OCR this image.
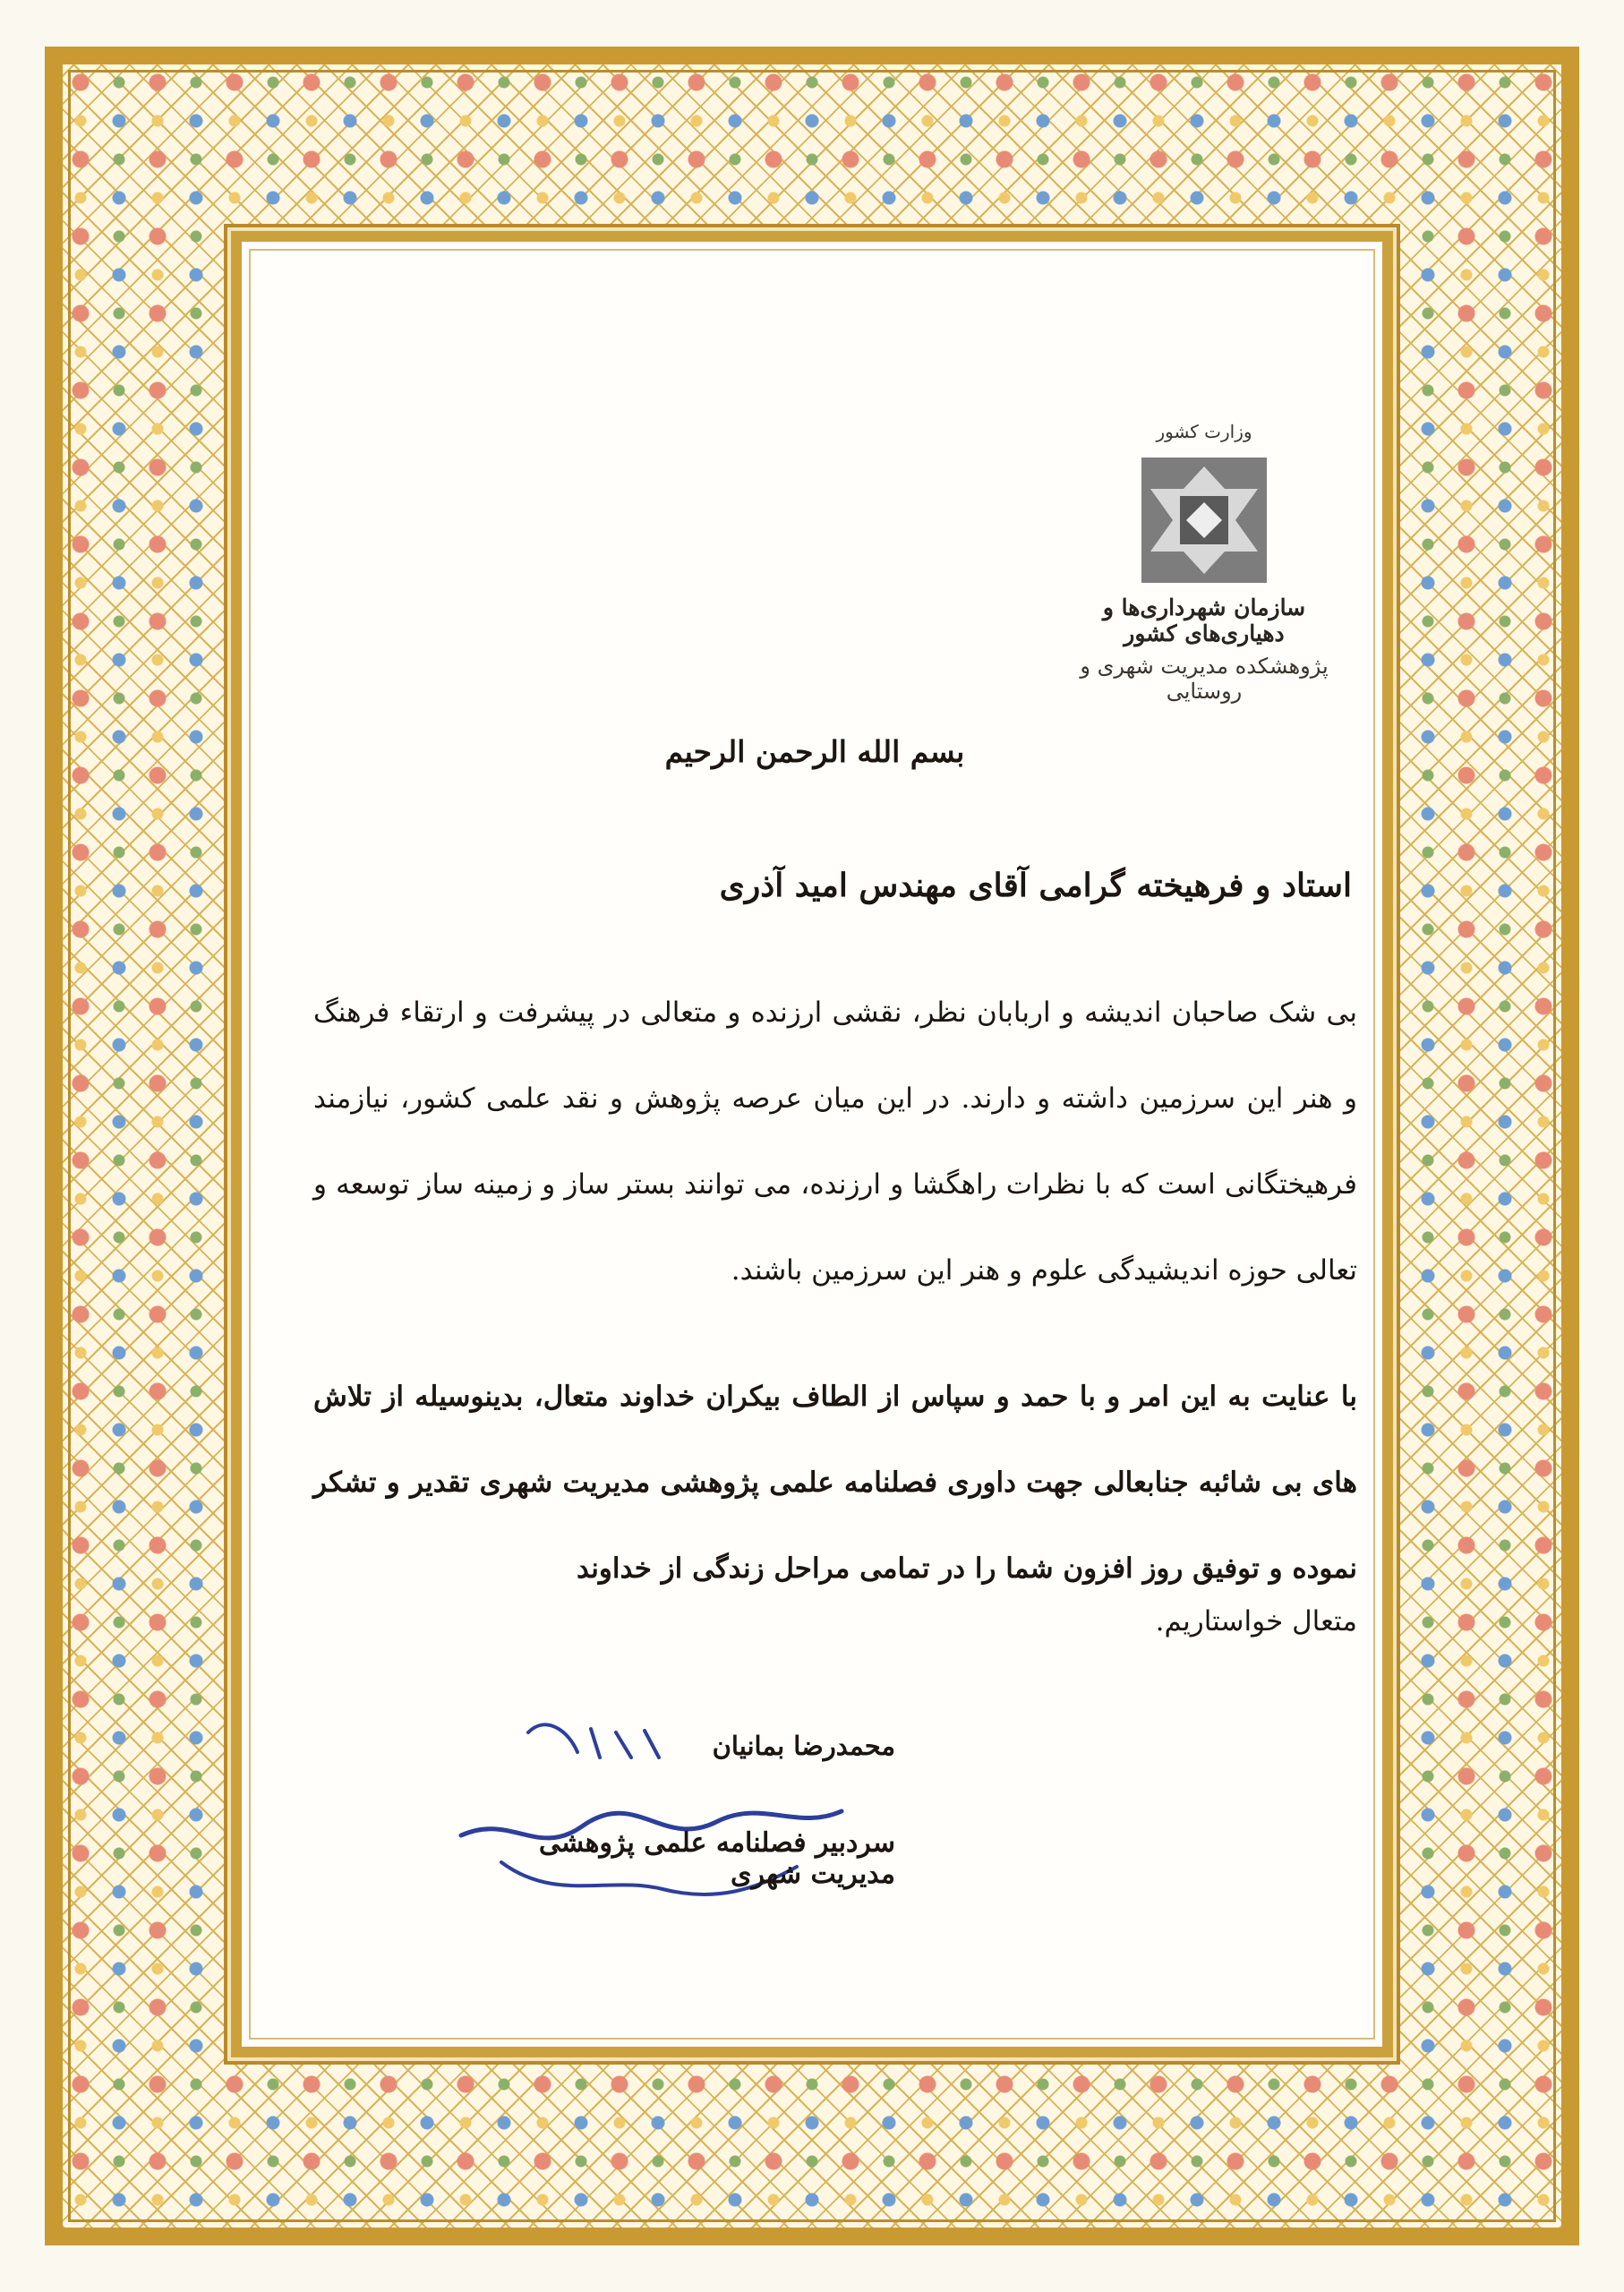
وزارت کشور
سازمان شهرداری‌ها و دهیاری‌های کشور
پژوهشکده مدیریت شهری و روستایی
بسم الله الرحمن الرحیم
استاد و فرهیخته گرامی آقای مهندس امید آذری
بی شک صاحبان اندیشه و اربابان نظر، نقشی ارزنده و متعالی در پیشرفت و ارتقاء فرهنگ و هنر این سرزمین داشته و دارند. در این میان عرصه پژوهش و نقد علمی کشور، نیازمند فرهیختگانی است که با نظرات راهگشا و ارزنده، می توانند بستر ساز و زمینه ساز توسعه و تعالی حوزه اندیشیدگی علوم و هنر این سرزمین باشند.
با عنایت به این امر و با حمد و سپاس از الطاف بیکران خداوند متعال، بدینوسیله از تلاش های بی شائبه جنابعالی جهت داوری فصلنامه علمی پژوهشی مدیریت شهری تقدیر و تشکر نموده و توفیق روز افزون شما را در تمامی مراحل زندگی از خداوند
متعال خواستاریم.
محمدرضا بمانیان
سردبیر فصلنامه علمی پژوهشی مدیریت شهری
